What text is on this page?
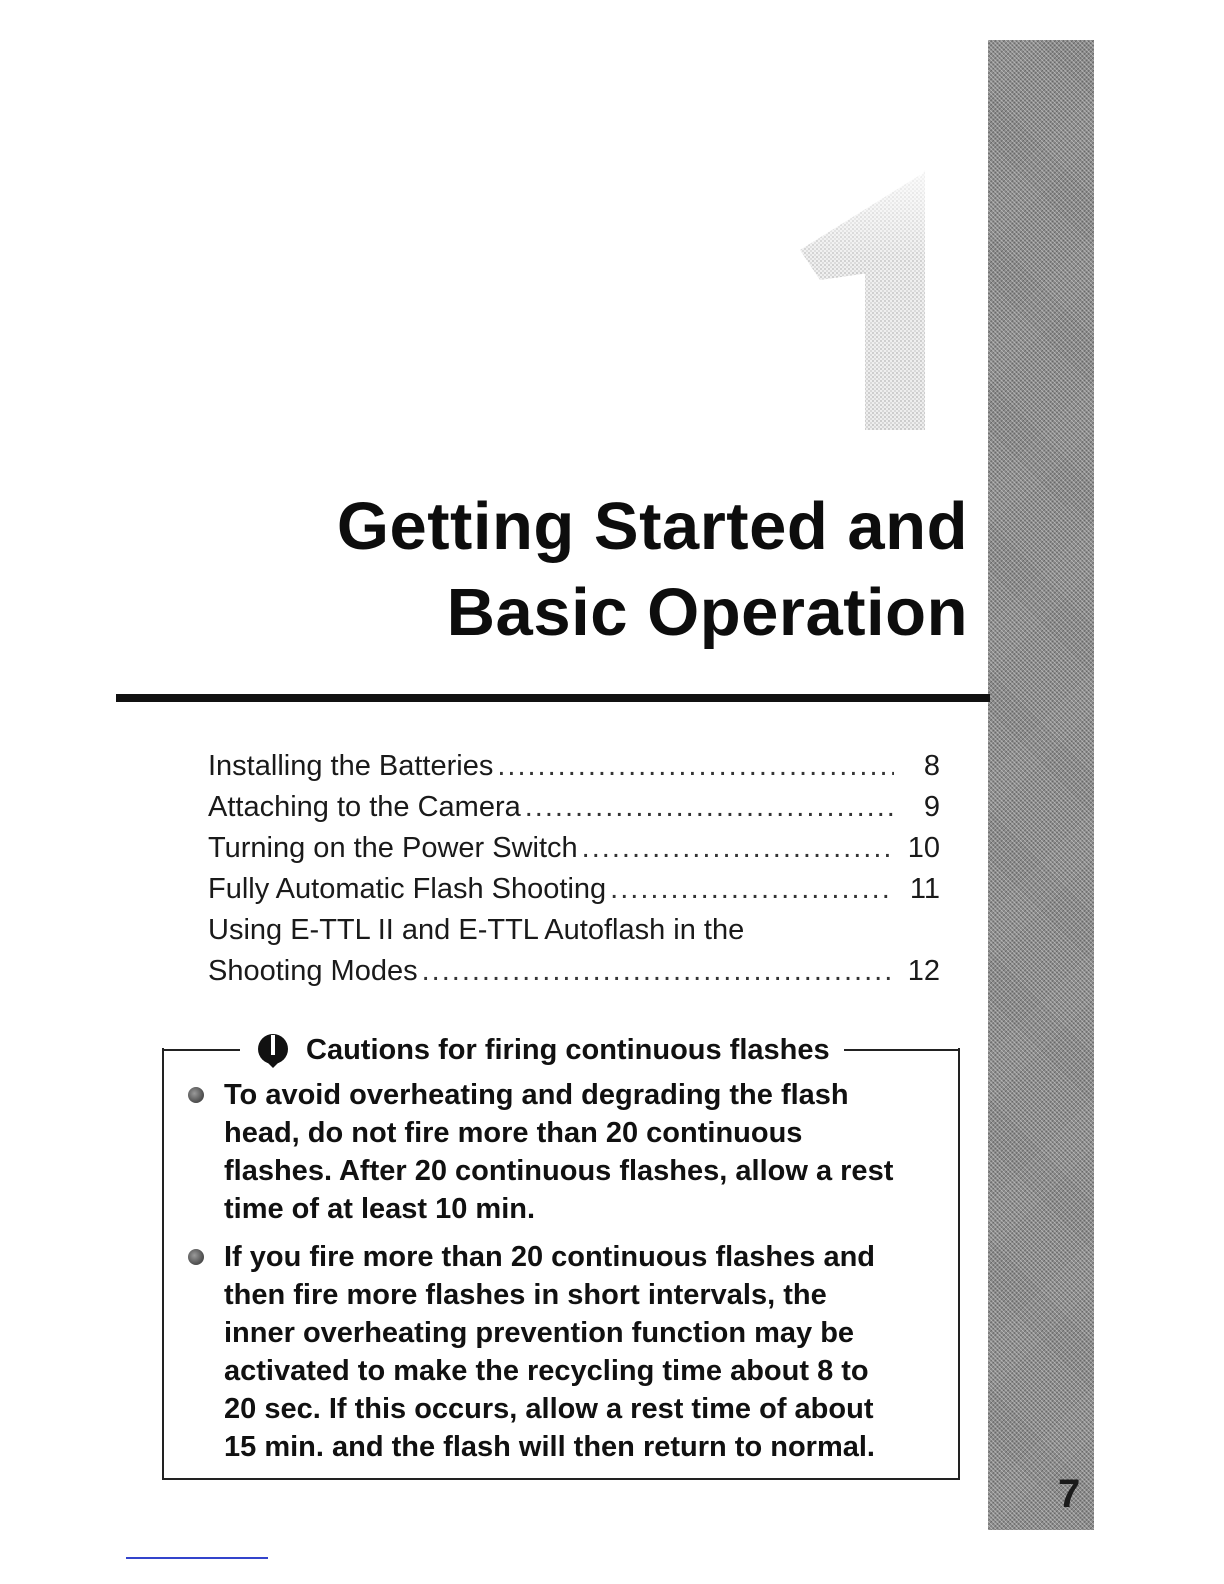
7
1
Getting Started and
Basic Operation
Installing the Batteries .....	8
Attaching to the Camera .....	9
Turning on the Power Switch .....	10
Fully Automatic Flash Shooting .....	11
Using E-TTL II and E-TTL Autoflash in the
Shooting Modes .....	12
Cautions for firing continuous flashes
To avoid overheating and degrading the flash
head, do not fire more than 20 continuous
flashes. After 20 continuous flashes, allow a rest
time of at least 10 min.
If you fire more than 20 continuous flashes and
then fire more flashes in short intervals, the
inner overheating prevention function may be
activated to make the recycling time about 8 to
20 sec. If this occurs, allow a rest time of about
15 min. and the flash will then return to normal.
